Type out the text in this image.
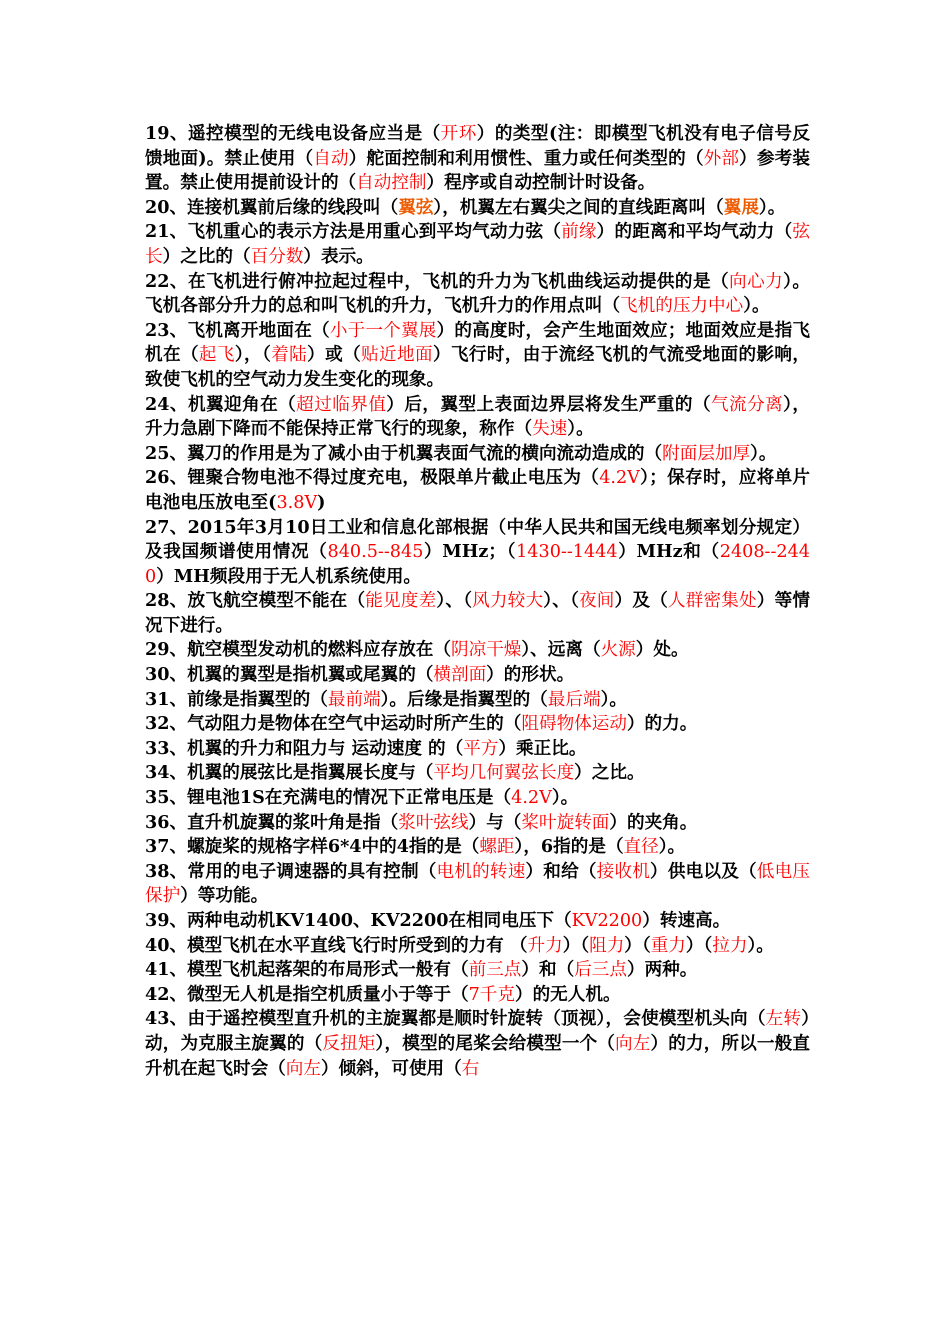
19、遥控模型的无线电设备应当是（开环）的类型(注：即模型飞机没有电子信号反馈地面)。禁止使用（自动）舵面控制和利用惯性、重力或任何类型的（外部）参考装置。禁止使用提前设计的（自动控制）程序或自动控制计时设备。

20、连接机翼前后缘的线段叫（翼弦），机翼左右翼尖之间的直线距离叫（翼展）。

21、飞机重心的表示方法是用重心到平均气动力弦（前缘）的距离和平均气动力（弦长）之比的（百分数）表示。

22、在飞机进行俯冲拉起过程中，飞机的升力为飞机曲线运动提供的是（向心力）。飞机各部分升力的总和叫飞机的升力，飞机升力的作用点叫（飞机的压力中心）。

23、飞机离开地面在（小于一个翼展）的高度时，会产生地面效应；地面效应是指飞机在（起飞），（着陆）或（贴近地面）飞行时，由于流经飞机的气流受地面的影响，致使飞机的空气动力发生变化的现象。

24、机翼迎角在（超过临界值）后，翼型上表面边界层将发生严重的（气流分离），升力急剧下降而不能保持正常飞行的现象，称作（失速）。

25、翼刀的作用是为了减小由于机翼表面气流的横向流动造成的（附面层加厚）。

26、锂聚合物电池不得过度充电，极限单片截止电压为（4.2V）；保存时，应将单片电池电压放电至(3.8V)

27、2015年3月10日工业和信息化部根据（中华人民共和国无线电频率划分规定）及我国频谱使用情况（840.5--845）MHz；（1430--1444）MHz和（2408--2440）MH频段用于无人机系统使用。

28、放飞航空模型不能在（能见度差）、（风力较大）、（夜间）及（人群密集处）等情况下进行。

29、航空模型发动机的燃料应存放在（阴凉干燥）、远离（火源）处。

30、机翼的翼型是指机翼或尾翼的（横剖面）的形状。

31、前缘是指翼型的（最前端）。后缘是指翼型的（最后端）。

32、气动阻力是物体在空气中运动时所产生的（阻碍物体运动）的力。

33、机翼的升力和阻力与 运动速度 的（平方）乘正比。

34、机翼的展弦比是指翼展长度与（平均几何翼弦长度）之比。

35、锂电池1S在充满电的情况下正常电压是（4.2V）。

36、直升机旋翼的浆叶角是指（浆叶弦线）与（桨叶旋转面）的夹角。

37、螺旋桨的规格字样6*4中的4指的是（螺距），6指的是（直径）。

38、常用的电子调速器的具有控制（电机的转速）和给（接收机）供电以及（低电压保护）等功能。

39、两种电动机KV1400、KV2200在相同电压下（KV2200）转速高。

40、模型飞机在水平直线飞行时所受到的力有 （升力）（阻力）（重力）（拉力）。

41、模型飞机起落架的布局形式一般有（前三点）和（后三点）两种。

42、微型无人机是指空机质量小于等于（7千克）的无人机。

43、由于遥控模型直升机的主旋翼都是顺时针旋转（顶视），会使模型机头向（左转）动，为克服主旋翼的（反扭矩），模型的尾桨会给模型一个（向左）的力，所以一般直升机在起飞时会（向左）倾斜，可使用（右
